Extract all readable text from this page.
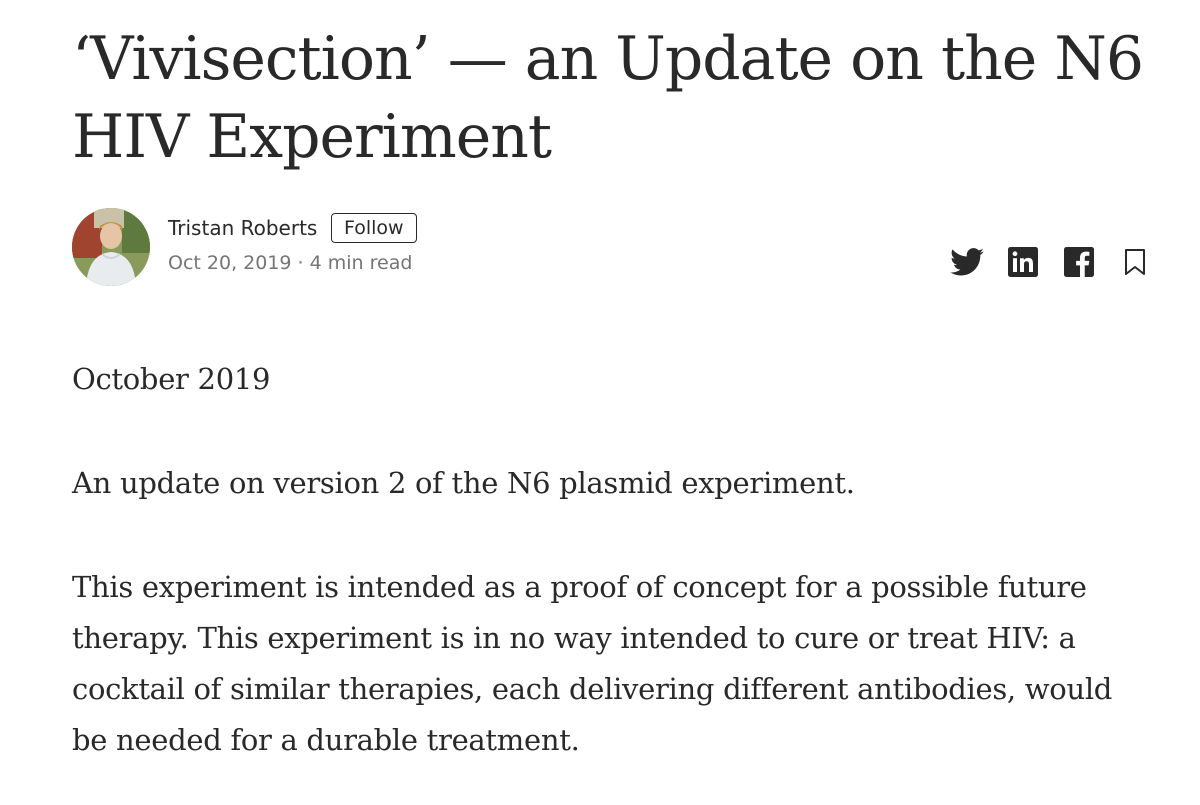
‘Vivisection’ — an Update on the N6 HIV Experiment
Tristan Roberts	Follow
Oct 20, 2019 · 4 min read

October 2019

An update on version 2 of the N6 plasmid experiment.

This experiment is intended as a proof of concept for a possible future therapy. This experiment is in no way intended to cure or treat HIV: a cocktail of similar therapies, each delivering different antibodies, would be needed for a durable treatment.
